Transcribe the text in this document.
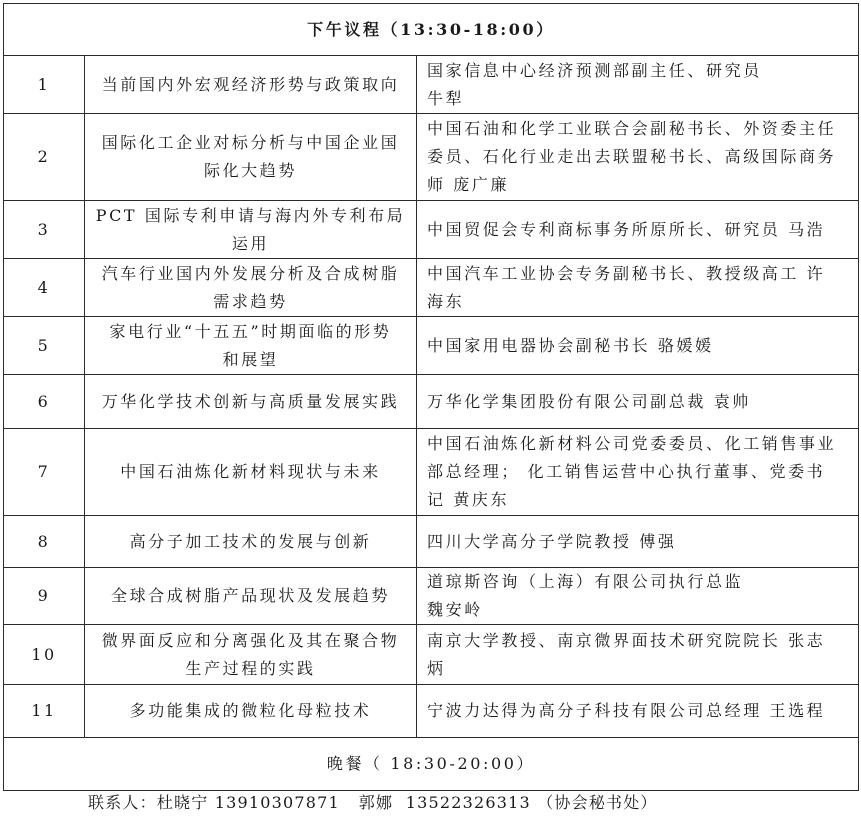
下午议程（13:30-18:00）		
1	当前国内外宏观经济形势与政策取向	国家信息中心经济预测部副主任、研究员
牛犁

2	国际化工企业对标分析与中国企业国
际化大趋势	中国石油和化学工业联合会副秘书长、外资委主任
委员、石化行业走出去联盟秘书长、高级国际商务
师 庞广廉

3	PCT 国际专利申请与海内外专利布局
运用	中国贸促会专利商标事务所原所长、研究员 马浩

4	汽车行业国内外发展分析及合成树脂
需求趋势	中国汽车工业协会专务副秘书长、教授级高工 许
海东

5	家电行业“十五五”时期面临的形势
和展望	中国家用电器协会副秘书长 骆媛媛

6	万华化学技术创新与高质量发展实践	万华化学集团股份有限公司副总裁 袁帅

7	中国石油炼化新材料现状与未来	中国石油炼化新材料公司党委委员、化工销售事业
部总经理； 化工销售运营中心执行董事、党委书
记 黄庆东

8	高分子加工技术的发展与创新	四川大学高分子学院教授 傅强

9	全球合成树脂产品现状及发展趋势	道琼斯咨询（上海）有限公司执行总监
魏安岭

10	微界面反应和分离强化及其在聚合物
生产过程的实践	南京大学教授、南京微界面技术研究院院长 张志
炳

11	多功能集成的微粒化母粒技术	宁波力达得为高分子科技有限公司总经理 王选程

晚餐（ 18:30-20:00）		
联系人：杜晓宁 13910307871 郭娜 13522326313 （协会秘书处）
